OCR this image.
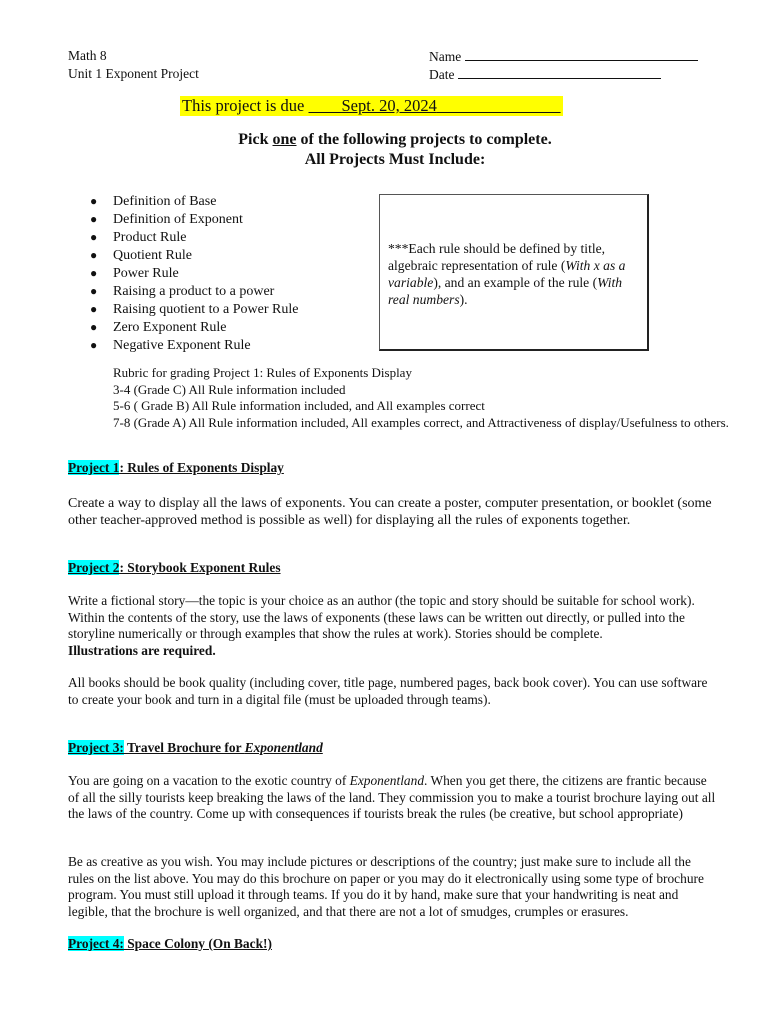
Math 8
Unit 1 Exponent Project
Name
Date
This project is due         Sept. 20, 2024
Pick one of the following projects to complete.
All Projects Must Include:
● Definition of Base
● Definition of Exponent
● Product Rule
● Quotient Rule
● Power Rule
● Raising a product to a power
● Raising quotient to a Power Rule
● Zero Exponent Rule
● Negative Exponent Rule
***Each rule should be defined by title, algebraic representation of rule (With x as a variable), and an example of the rule (With real numbers).
Rubric for grading Project 1: Rules of Exponents Display
3-4 (Grade C) All Rule information included
5-6 ( Grade B) All Rule information included, and All examples correct
7-8 (Grade A) All Rule information included, All examples correct, and Attractiveness of display/Usefulness to others.
Project 1: Rules of Exponents Display
Create a way to display all the laws of exponents. You can create a poster, computer presentation, or booklet (some other teacher-approved method is possible as well) for displaying all the rules of exponents together.
Project 2: Storybook Exponent Rules
Write a fictional story—the topic is your choice as an author (the topic and story should be suitable for school work). Within the contents of the story, use the laws of exponents (these laws can be written out directly, or pulled into the storyline numerically or through examples that show the rules at work). Stories should be complete.
Illustrations are required.
All books should be book quality (including cover, title page, numbered pages, back book cover). You can use software to create your book and turn in a digital file (must be uploaded through teams).
Project 3: Travel Brochure for Exponentland
You are going on a vacation to the exotic country of Exponentland. When you get there, the citizens are frantic because of all the silly tourists keep breaking the laws of the land. They commission you to make a tourist brochure laying out all the laws of the country. Come up with consequences if tourists break the rules (be creative, but school appropriate)
Be as creative as you wish. You may include pictures or descriptions of the country; just make sure to include all the rules on the list above. You may do this brochure on paper or you may do it electronically using some type of brochure program. You must still upload it through teams. If you do it by hand, make sure that your handwriting is neat and legible, that the brochure is well organized, and that there are not a lot of smudges, crumples or erasures.
Project 4: Space Colony (On Back!)
